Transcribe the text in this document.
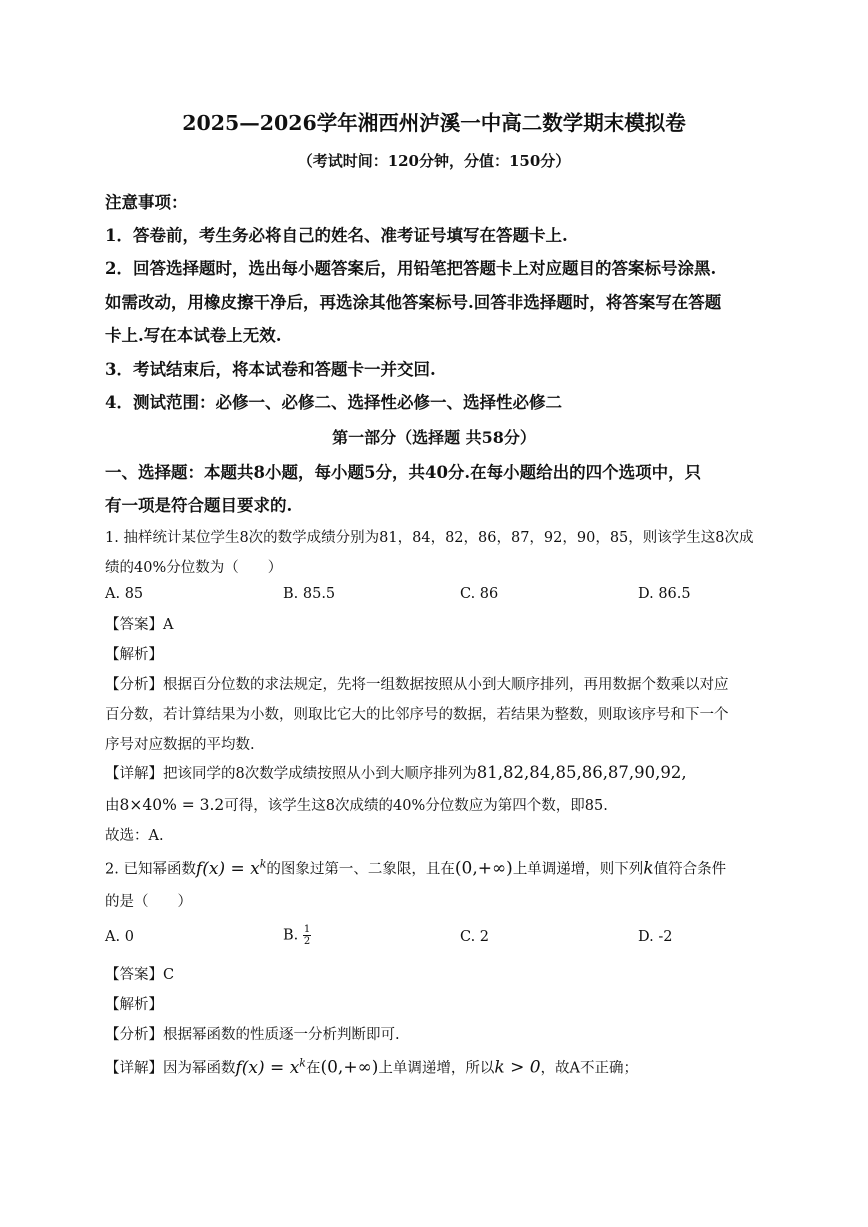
2025—2026学年湘西州泸溪一中高二数学期末模拟卷
（考试时间：120分钟，分值：150分）
注意事项：
1．答卷前，考生务必将自己的姓名、准考证号填写在答题卡上.
2．回答选择题时，选出每小题答案后，用铅笔把答题卡上对应题目的答案标号涂黑.
如需改动，用橡皮擦干净后，再选涂其他答案标号.回答非选择题时，将答案写在答题
卡上.写在本试卷上无效.
3．考试结束后，将本试卷和答题卡一并交回.
4．测试范围：必修一、必修二、选择性必修一、选择性必修二
第一部分（选择题 共58分）
一、选择题：本题共8小题，每小题5分，共40分.在每小题给出的四个选项中，只
有一项是符合题目要求的.
1. 抽样统计某位学生8次的数学成绩分别为81，84，82，86，87，92，90，85，则该学生这8次成
绩的40%分位数为（　　）
A. 85	B. 85.5	C. 86	D. 86.5
【答案】A
【解析】
【分析】根据百分位数的求法规定，先将一组数据按照从小到大顺序排列，再用数据个数乘以对应
百分数，若计算结果为小数，则取比它大的比邻序号的数据，若结果为整数，则取该序号和下一个
序号对应数据的平均数.
【详解】把该同学的8次数学成绩按照从小到大顺序排列为81,82,84,85,86,87,90,92,
由8×40% = 3.2可得，该学生这8次成绩的40%分位数应为第四个数，即85.
故选：A.
2. 已知幂函数$f(x) = x^k$的图象过第一、二象限，且在(0,+∞)上单调递增，则下列k值符合条件
的是（　　）
A. 0	B. $\frac{1}{2}$	C. 2	D. -2
【答案】C
【解析】
【分析】根据幂函数的性质逐一分析判断即可.
【详解】因为幂函数$f(x) = x^k$在(0,+∞)上单调递增，所以k > 0，故A不正确；
